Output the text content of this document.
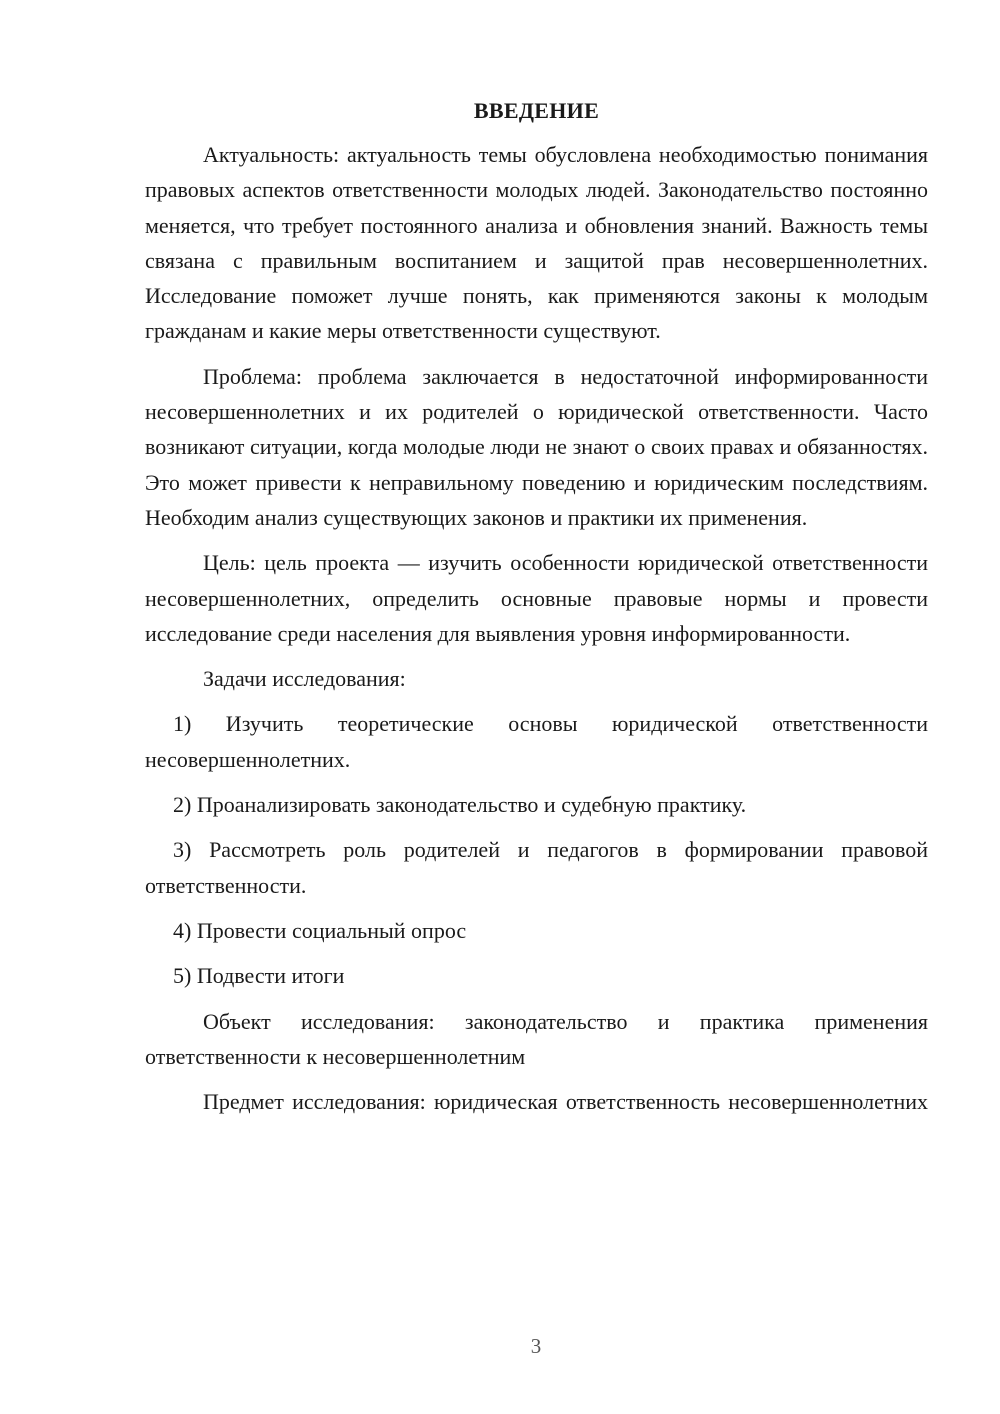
ВВЕДЕНИЕ

Актуальность: актуальность темы обусловлена необходимостью понимания правовых аспектов ответственности молодых людей. Законодательство постоянно меняется, что требует постоянного анализа и обновления знаний. Важность темы связана с правильным воспитанием и защитой прав несовершеннолетних. Исследование поможет лучше понять, как применяются законы к молодым гражданам и какие меры ответственности существуют.

Проблема: проблема заключается в недостаточной информированности несовершеннолетних и их родителей о юридической ответственности. Часто возникают ситуации, когда молодые люди не знают о своих правах и обязанностях. Это может привести к неправильному поведению и юридическим последствиям. Необходим анализ существующих законов и практики их применения.

Цель: цель проекта — изучить особенности юридической ответственности несовершеннолетних, определить основные правовые нормы и провести исследование среди населения для выявления уровня информированности.

Задачи исследования:

1) Изучить теоретические основы юридической ответственности несовершеннолетних.

2) Проанализировать законодательство и судебную практику.

3) Рассмотреть роль родителей и педагогов в формировании правовой ответственности.

4) Провести социальный опрос

5) Подвести итоги

Объект исследования: законодательство и практика применения ответственности к несовершеннолетним

Предмет исследования: юридическая ответственность несовершеннолетних

3
